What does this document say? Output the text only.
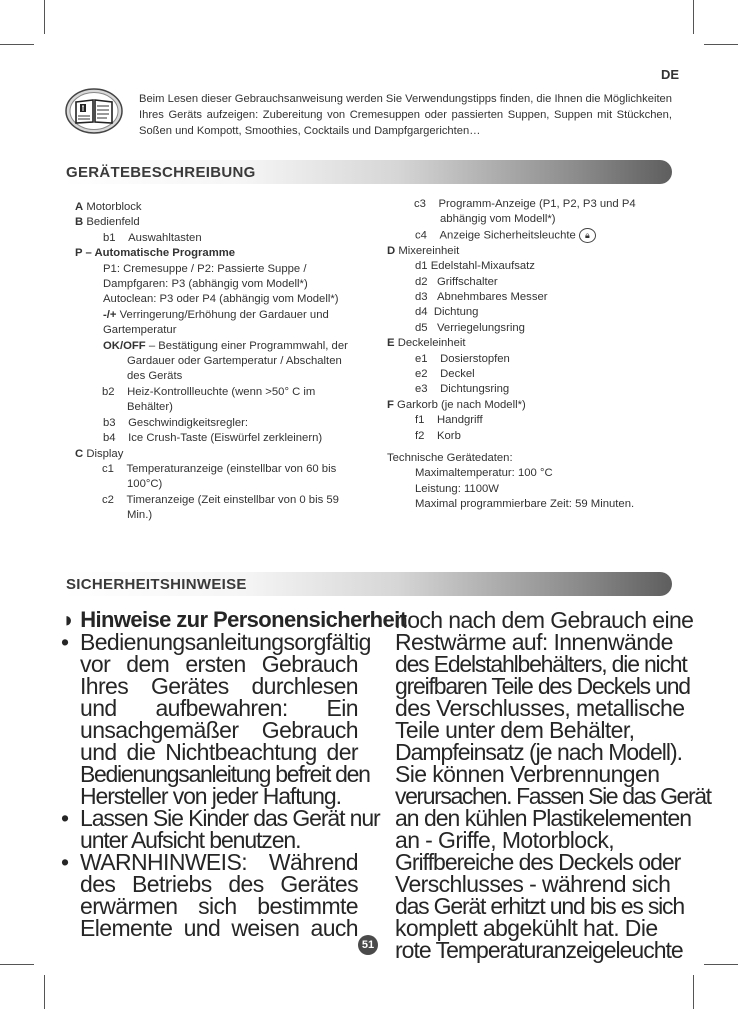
DE

Beim Lesen dieser Gebrauchsanweisung werden Sie Verwendungstipps finden, die Ihnen die Möglichkeiten Ihres Geräts aufzeigen: Zubereitung von Cremesuppen oder passierten Suppen, Suppen mit Stückchen, Soßen und Kompott, Smoothies, Cocktails und Dampfgargerichten…

GERÄTEBESCHREIBUNG
A Motorblock
B Bedienfeld
b1 Auswahltasten
P – Automatische Programme
P1: Cremesuppe / P2: Passierte Suppe / Dampfgaren: P3 (abhängig vom Modell*)
Autoclean: P3 oder P4 (abhängig vom Modell*)
-/+ Verringerung/Erhöhung der Gardauer und Gartemperatur
OK/OFF – Bestätigung einer Programmwahl, der Gardauer oder Gartemperatur / Abschalten des Geräts
b2 Heiz-Kontrollleuchte (wenn >50° C im Behälter)
b3 Geschwindigkeitsregler:
b4 Ice Crush-Taste (Eiswürfel zerkleinern)
C Display
c1 Temperaturanzeige (einstellbar von 60 bis 100°C)
c2 Timeranzeige (Zeit einstellbar von 0 bis 59 Min.)
c3 Programm-Anzeige (P1, P2, P3 und P4 abhängig vom Modell*)
c4 Anzeige Sicherheitsleuchte 🔒︎
D Mixereinheit
d1 Edelstahl-Mixaufsatz
d2 Griffschalter
d3 Abnehmbares Messer
d4 Dichtung
d5 Verriegelungsring
E Deckeleinheit
e1 Dosierstopfen
e2 Deckel
e3 Dichtungsring
F Garkorb (je nach Modell*)
f1 Handgriff
f2 Korb
Technische Gerätedaten:
Maximaltemperatur: 100 °C
Leistung: 1100W
Maximal programmierbare Zeit: 59 Minuten.
SICHERHEITSHINWEISE
◗ Hinweise zur Personensicherheit
• Bedienungsanleitung sorgfältig
vor dem ersten Gebrauch
Ihres Gerätes durchlesen
und aufbewahren: Ein
unsachgemäßer Gebrauch
und die Nichtbeachtung der
Bedienungsanleitung befreit den
Hersteller von jeder Haftung.
• Lassen Sie Kinder das Gerät nur
unter Aufsicht benutzen.
• WARNHINWEIS: Während
des Betriebs des Gerätes
erwärmen sich bestimmte
Elemente und weisen auch
noch nach dem Gebrauch eine
Restwärme auf: Innenwände
des Edelstahlbehälters, die nicht
greifbaren Teile des Deckels und
des Verschlusses, metallische
Teile unter dem Behälter,
Dampfeinsatz (je nach Modell).
Sie können Verbrennungen
verursachen. Fassen Sie das Gerät
an den kühlen Plastikelementen
an - Griffe, Motorblock,
Griffbereiche des Deckels oder
Verschlusses - während sich
das Gerät erhitzt und bis es sich
komplett abgekühlt hat. Die
rote Temperaturanzeigeleuchte
51
